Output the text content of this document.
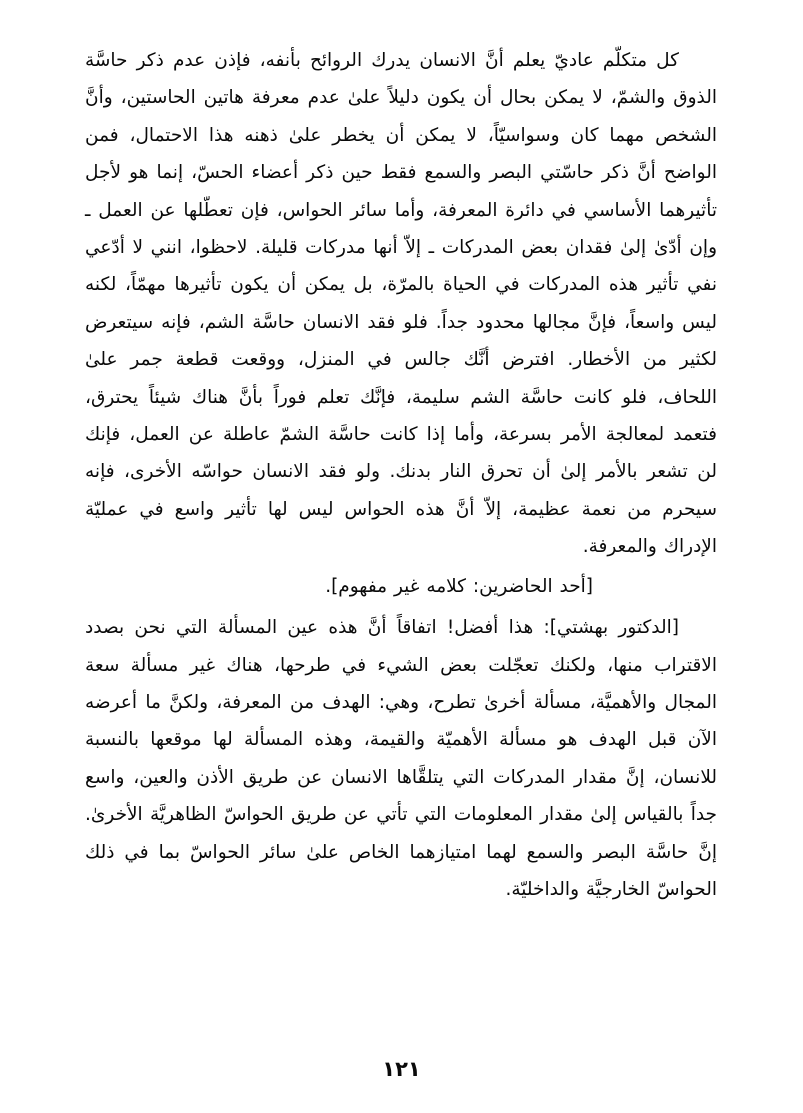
كل متكلّم عاديّ يعلم أنَّ الانسان يدرك الروائح بأنفه، فإذن عدم ذكر حاسَّة الذوق والشمّ، لا يمكن بحال أن يكون دليلاً علىٰ عدم معرفة هاتين الحاستين، وأنَّ الشخص مهما كان وسواسيّاً، لا يمكن أن يخطر علىٰ ذهنه هذا الاحتمال، فمن الواضح أنَّ ذكر حاسّتي البصر والسمع فقط حين ذكر أعضاء الحسّ، إنما هو لأجل تأثيرهما الأساسي في دائرة المعرفة، وأما سائر الحواس، فإن تعطّلها عن العمل ـ وإن أدّىٰ إلىٰ فقدان بعض المدركات ـ إلاّ أنها مدركات قليلة. لاحظوا، انني لا أدّعي نفي تأثير هذه المدركات في الحياة بالمرّة، بل يمكن أن يكون تأثيرها مهمّاً، لكنه ليس واسعاً، فإنَّ مجالها محدود جداً. فلو فقد الانسان حاسَّة الشم، فإنه سيتعرض لكثير من الأخطار. افترض أنَّك جالس في المنزل، ووقعت قطعة جمر علىٰ اللحاف، فلو كانت حاسَّة الشم سليمة، فإنَّك تعلم فوراً بأنَّ هناك شيئاً يحترق، فتعمد لمعالجة الأمر بسرعة، وأما إذا كانت حاسَّة الشمّ عاطلة عن العمل، فإنك لن تشعر بالأمر إلىٰ أن تحرق النار بدنك. ولو فقد الانسان حواسّه الأخرى، فإنه سيحرم من نعمة عظيمة، إلاّ أنَّ هذه الحواس ليس لها تأثير واسع في عمليّة الإدراك والمعرفة.

[أحد الحاضرين: كلامه غير مفهوم].

[الدكتور بهشتي]: هذا أفضل! اتفاقاً أنَّ هذه عين المسألة التي نحن بصدد الاقتراب منها، ولكنك تعجّلت بعض الشيء في طرحها، هناك غير مسألة سعة المجال والأهميَّة، مسألة أخرىٰ تطرح، وهي: الهدف من المعرفة، ولكنَّ ما أعرضه الآن قبل الهدف هو مسألة الأهميّة والقيمة، وهذه المسألة لها موقعها بالنسبة للانسان، إنَّ مقدار المدركات التي يتلقَّاها الانسان عن طريق الأذن والعين، واسع جداً بالقياس إلىٰ مقدار المعلومات التي تأتي عن طريق الحواسّ الظاهريَّة الأخرىٰ. إنَّ حاسَّة البصر والسمع لهما امتيازهما الخاص علىٰ سائر الحواسّ بما في ذلك الحواسّ الخارجيَّة والداخليّة.

١٢١
